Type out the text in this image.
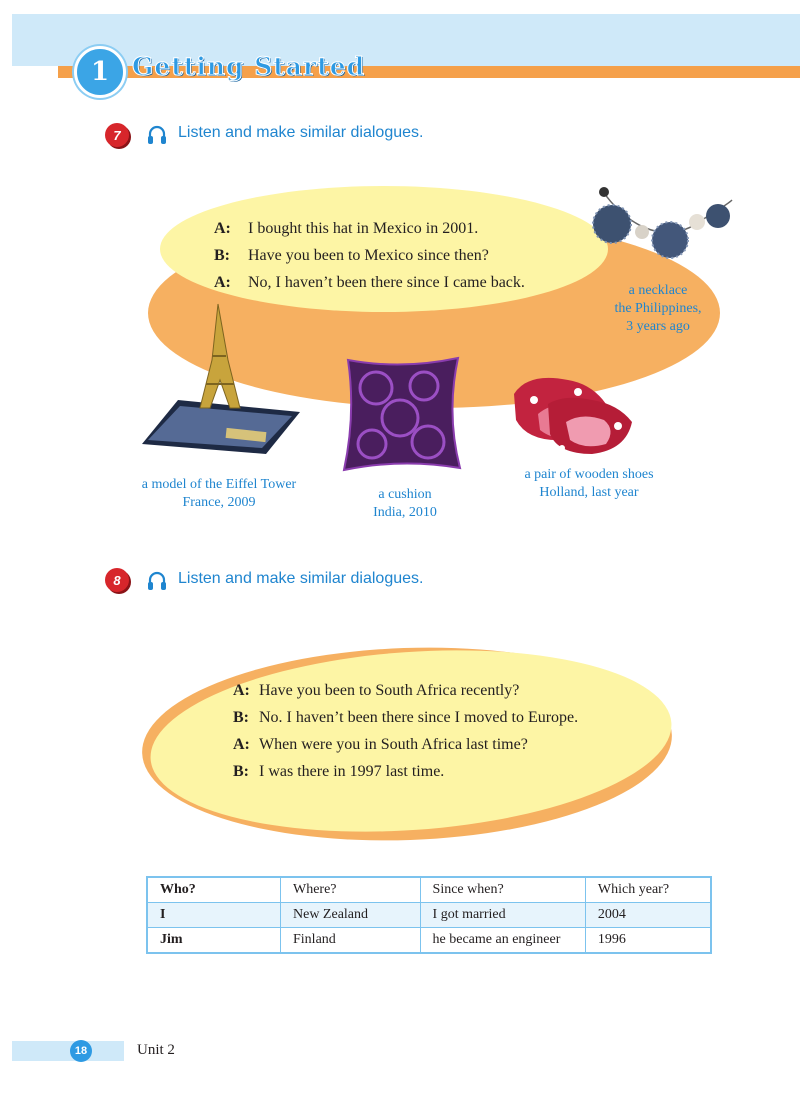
1 Getting Started
7	Listen and make similar dialogues.
A: I bought this hat in Mexico in 2001.
B: Have you been to Mexico since then?
A: No, I haven’t been there since I came back.	a necklace
the Philippines,
3 years ago
a model of the Eiffel Tower
France, 2009
a cushion
India, 2010
a pair of wooden shoes
Holland, last year
8	Listen and make similar dialogues.
A: Have you been to South Africa recently?
B: No. I haven’t been there since I moved to Europe.
A: When were you in South Africa last time?
B: I was there in 1997 last time.
Who?	Where?	Since when?	Which year?
I	New Zealand	I got married	2004
Jim	Finland	he became an engineer	1996
18	Unit 2
